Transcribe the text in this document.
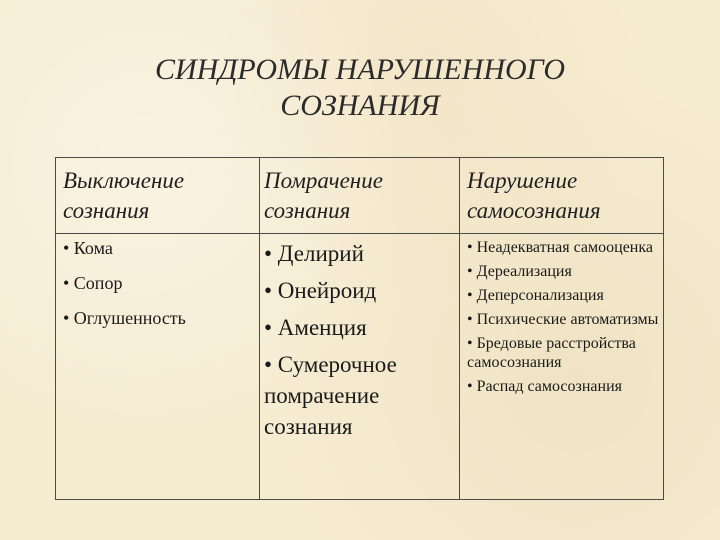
СИНДРОМЫ НАРУШЕННОГО
СОЗНАНИЯ
Выключение
сознания
Помрачение
сознания
Нарушение
самосознания
• Кома
• Сопор
• Оглушенность
• Делирий
• Онейроид
• Аменция
• Сумерочное помрачение сознания
• Неадекватная самооценка
• Дереализация
• Деперсонализация
• Психические автоматизмы
• Бредовые расстройства самосознания
• Распад самосознания
